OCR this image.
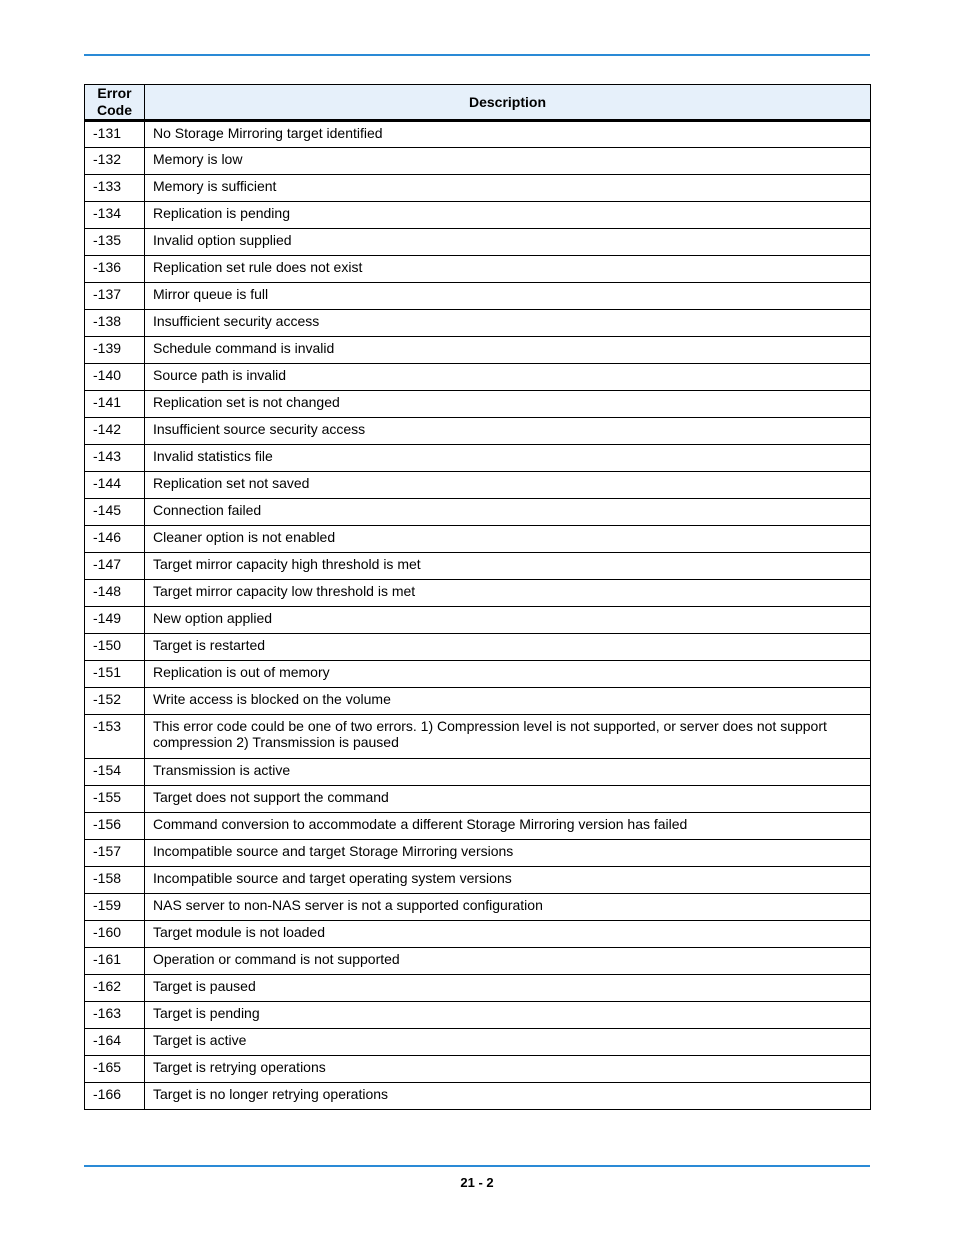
Error Code	Description
-131	No Storage Mirroring target identified
-132	Memory is low
-133	Memory is sufficient
-134	Replication is pending
-135	Invalid option supplied
-136	Replication set rule does not exist
-137	Mirror queue is full
-138	Insufficient security access
-139	Schedule command is invalid
-140	Source path is invalid
-141	Replication set is not changed
-142	Insufficient source security access
-143	Invalid statistics file
-144	Replication set not saved
-145	Connection failed
-146	Cleaner option is not enabled
-147	Target mirror capacity high threshold is met
-148	Target mirror capacity low threshold is met
-149	New option applied
-150	Target is restarted
-151	Replication is out of memory
-152	Write access is blocked on the volume
-153	This error code could be one of two errors. 1) Compression level is not supported, or server does not support compression 2) Transmission is paused
-154	Transmission is active
-155	Target does not support the command
-156	Command conversion to accommodate a different Storage Mirroring version has failed
-157	Incompatible source and target Storage Mirroring versions
-158	Incompatible source and target operating system versions
-159	NAS server to non-NAS server is not a supported configuration
-160	Target module is not loaded
-161	Operation or command is not supported
-162	Target is paused
-163	Target is pending
-164	Target is active
-165	Target is retrying operations
-166	Target is no longer retrying operations
21 - 2
